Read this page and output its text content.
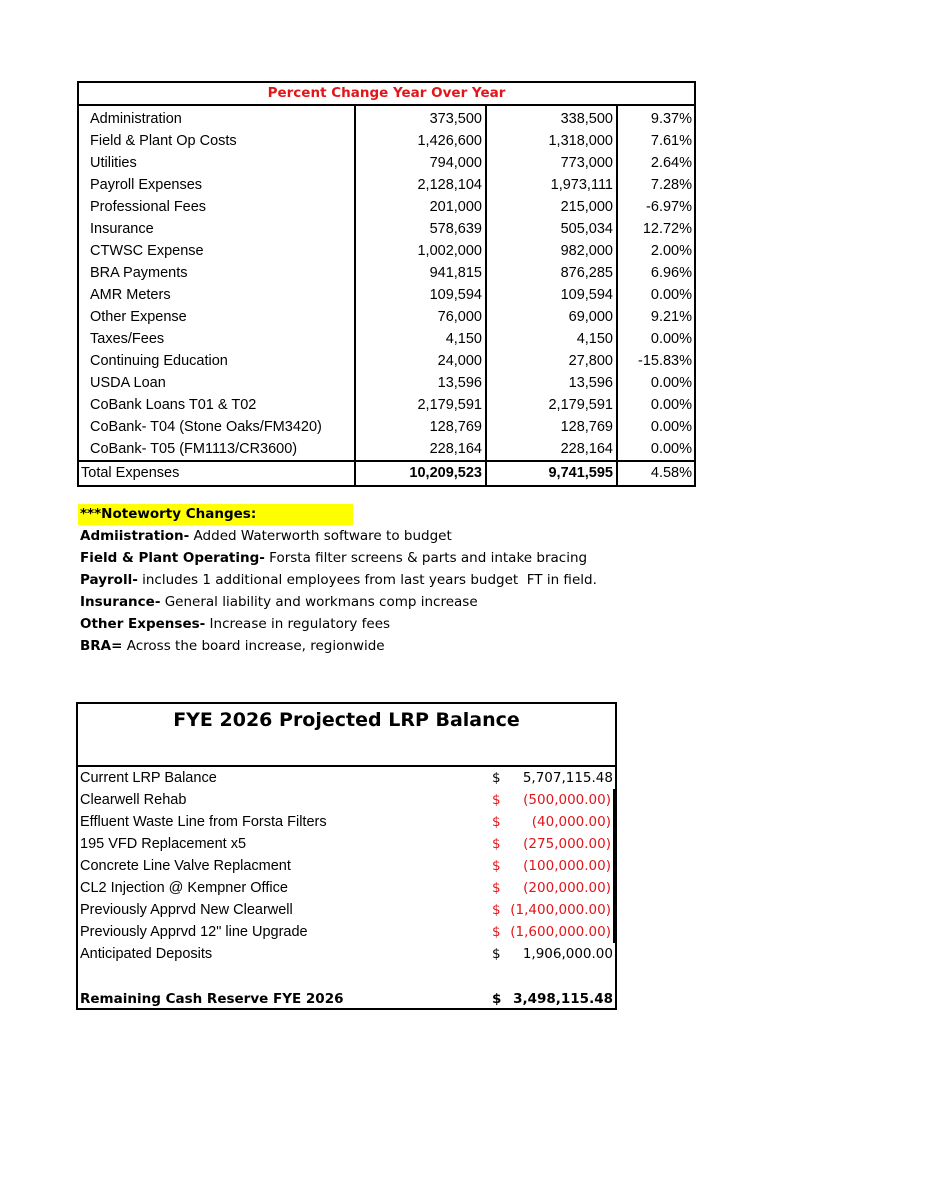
Percent Change Year Over Year			
Administration	373,500	338,500	9.37%
Field & Plant Op Costs	1,426,600	1,318,000	7.61%
Utilities	794,000	773,000	2.64%
Payroll Expenses	2,128,104	1,973,111	7.28%
Professional Fees	201,000	215,000	-6.97%
Insurance	578,639	505,034	12.72%
CTWSC Expense	1,002,000	982,000	2.00%
BRA Payments	941,815	876,285	6.96%
AMR Meters	109,594	109,594	0.00%
Other Expense	76,000	69,000	9.21%
Taxes/Fees	4,150	4,150	0.00%
Continuing Education	24,000	27,800	-15.83%
USDA Loan	13,596	13,596	0.00%
CoBank Loans T01 & T02	2,179,591	2,179,591	0.00%
CoBank- T04 (Stone Oaks/FM3420)	128,769	128,769	0.00%
CoBank- T05 (FM1113/CR3600)	228,164	228,164	0.00%
Total Expenses	10,209,523	9,741,595	4.58%
***Noteworty Changes:
Admiistration- Added Waterworth software to budget
Field & Plant Operating- Forsta filter screens & parts and intake bracing
Payroll- includes 1 additional employees from last years budget  FT in field.
Insurance- General liability and workmans comp increase
Other Expenses- Increase in regulatory fees
BRA= Across the board increase, regionwide
FYE 2026 Projected LRP Balance
Current LRP Balance	$ 5,707,115.48
Clearwell Rehab	$ (500,000.00)
Effluent Waste Line from Forsta Filters	$ (40,000.00)
195 VFD Replacement x5	$ (275,000.00)
Concrete Line Valve Replacment	$ (100,000.00)
CL2 Injection @ Kempner Office	$ (200,000.00)
Previously Apprvd New Clearwell	$ (1,400,000.00)
Previously Apprvd 12" line Upgrade	$ (1,600,000.00)
Anticipated Deposits	$ 1,906,000.00
Remaining Cash Reserve FYE 2026	$ 3,498,115.48
